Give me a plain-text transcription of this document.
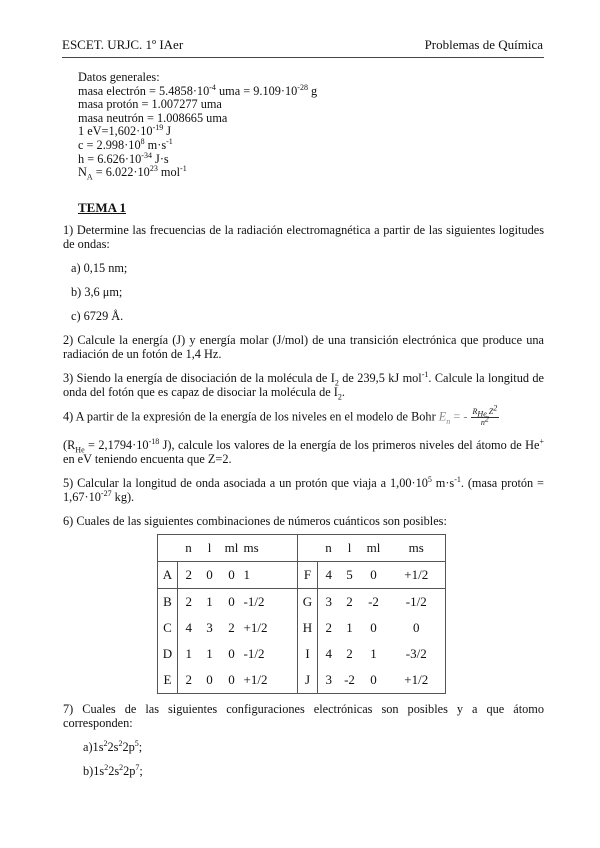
ESCET. URJC. 1º IAer	Problemas de Química
Datos generales:
masa electrón = $5.4858\cdot 10^{-4}$ uma = $9.109\cdot 10^{-28}$ g
masa protón = 1.007277 uma
masa neutrón = 1.008665 uma
1 $eV=1,602\cdot 10^{-19}$ J
$c = 2.998\cdot 10^8$ $m\cdot s^{-1}$
$h = 6.626\cdot 10^{-34}$ J·s
$N_A = 6.022\cdot 10^{23}$ mol$^{-1}$
TEMA 1
1) Determine las frecuencias de la radiación electromagnética a partir de las siguientes logitudes de ondas:
a) 0,15 nm;
b) 3,6 μm;
c) 6729 Å.
2) Calcule la energía (J) y energía molar (J/mol) de una transición electrónica que produce una radiación de un fotón de 1,4 Hz.
3) Siendo la energía de disociación de la molécula de $I_2$ de 239,5 kJ mol$^{-1}$. Calcule la longitud de onda del fotón que es capaz de disociar la molécula de $I_2$.
4) A partir de la expresión de la energía de los niveles en el modelo de Bohr $E_n$ = - $\frac{R_{He} Z^2}{n^2}$
($R_{He} = 2,1794\cdot 10^{-18}$ J), calcule los valores de la energía de los primeros niveles del átomo de He+ en eV teniendo encuenta que Z=2.
5) Calcular la longitud de onda asociada a un protón que viaja a $1,00\cdot 10^5$ $m\cdot s^{-1}$. (masa protón = $1,67\cdot 10^{-27}$ kg).
6) Cuales de las siguientes combinaciones de números cuánticos son posibles:
	n	l	ml	ms		n	l	ml	ms
A	2	0	0	1	F	4	5	0	+1/2
B	2	1	0	-1/2	G	3	2	-2	-1/2
C	4	3	2	+1/2	H	2	1	0	0
D	1	1	0	-1/2	I	4	2	1	-3/2
E	2	0	0	+1/2	J	3	-2	0	+1/2
7) Cuales de las siguientes configuraciones electrónicas son posibles y a que átomo corresponden:
$a)1s^22s^22p^5$;
$b)1s^22s^22p^7$;
